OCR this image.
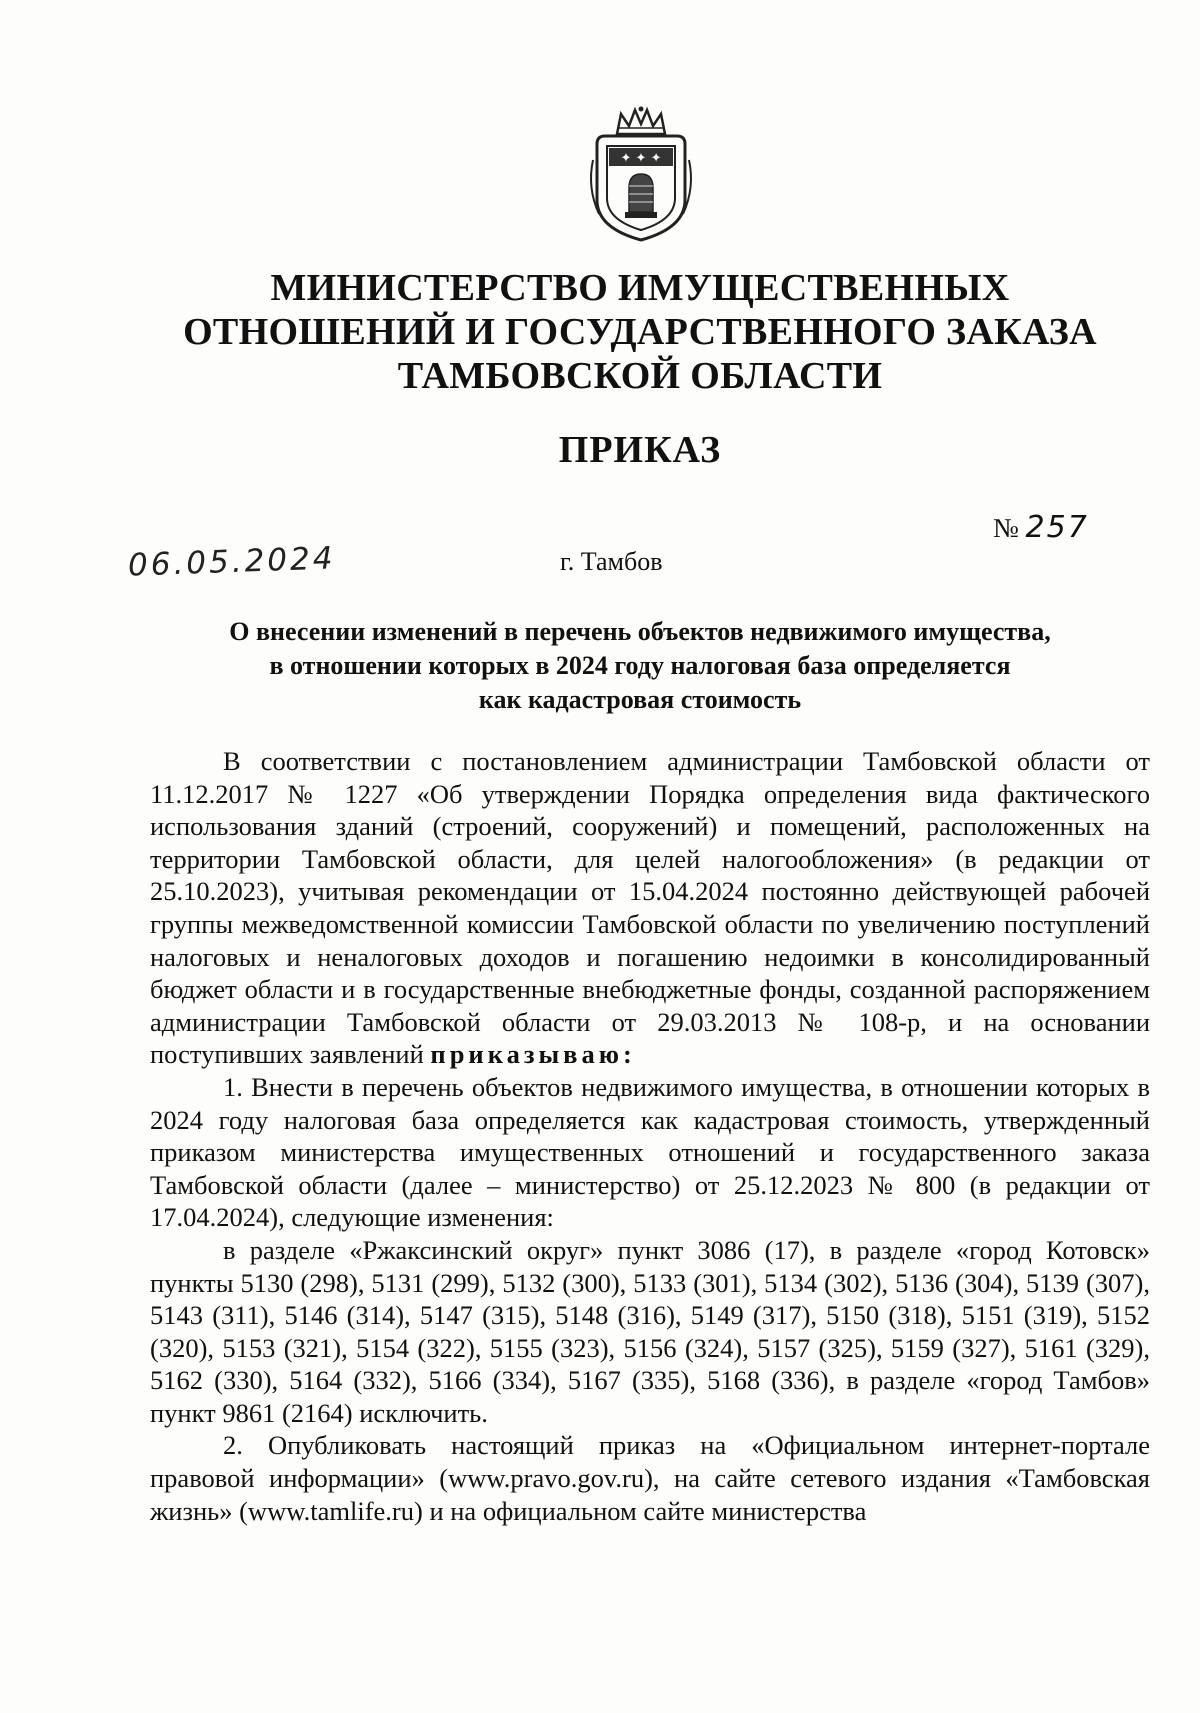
✦ ✦ ✦
МИНИСТЕРСТВО ИМУЩЕСТВЕННЫХ
ОТНОШЕНИЙ И ГОСУДАРСТВЕННОГО ЗАКАЗА
ТАМБОВСКОЙ ОБЛАСТИ
ПРИКАЗ
06.05.2024
№ 257
г. Тамбов
О внесении изменений в перечень объектов недвижимого имущества,
в отношении которых в 2024 году налоговая база определяется
как кадастровая стоимость

В соответствии с постановлением администрации Тамбовской области от 11.12.2017 № 1227 «Об утверждении Порядка определения вида фактического использования зданий (строений, сооружений) и помещений, расположенных на территории Тамбовской области, для целей налогообложения» (в редакции от 25.10.2023), учитывая рекомендации от 15.04.2024 постоянно действующей рабочей группы межведомственной комиссии Тамбовской области по увеличению поступлений налоговых и неналоговых доходов и погашению недоимки в консолидированный бюджет области и в государственные внебюджетные фонды, созданной распоряжением администрации Тамбовской области от 29.03.2013 № 108-р, и на основании поступивших заявлений приказываю:

1. Внести в перечень объектов недвижимого имущества, в отношении которых в 2024 году налоговая база определяется как кадастровая стоимость, утвержденный приказом министерства имущественных отношений и государственного заказа Тамбовской области (далее – министерство) от 25.12.2023 № 800 (в редакции от 17.04.2024), следующие изменения:

в разделе «Ржаксинский округ» пункт 3086 (17), в разделе «город Котовск» пункты 5130 (298), 5131 (299), 5132 (300), 5133 (301), 5134 (302), 5136 (304), 5139 (307), 5143 (311), 5146 (314), 5147 (315), 5148 (316), 5149 (317), 5150 (318), 5151 (319), 5152 (320), 5153 (321), 5154 (322), 5155 (323), 5156 (324), 5157 (325), 5159 (327), 5161 (329), 5162 (330), 5164 (332), 5166 (334), 5167 (335), 5168 (336), в разделе «город Тамбов» пункт 9861 (2164) исключить.

2. Опубликовать настоящий приказ на «Официальном интернет-портале правовой информации» (www.pravo.gov.ru), на сайте сетевого издания «Тамбовская жизнь» (www.tamlife.ru) и на официальном сайте министерства
